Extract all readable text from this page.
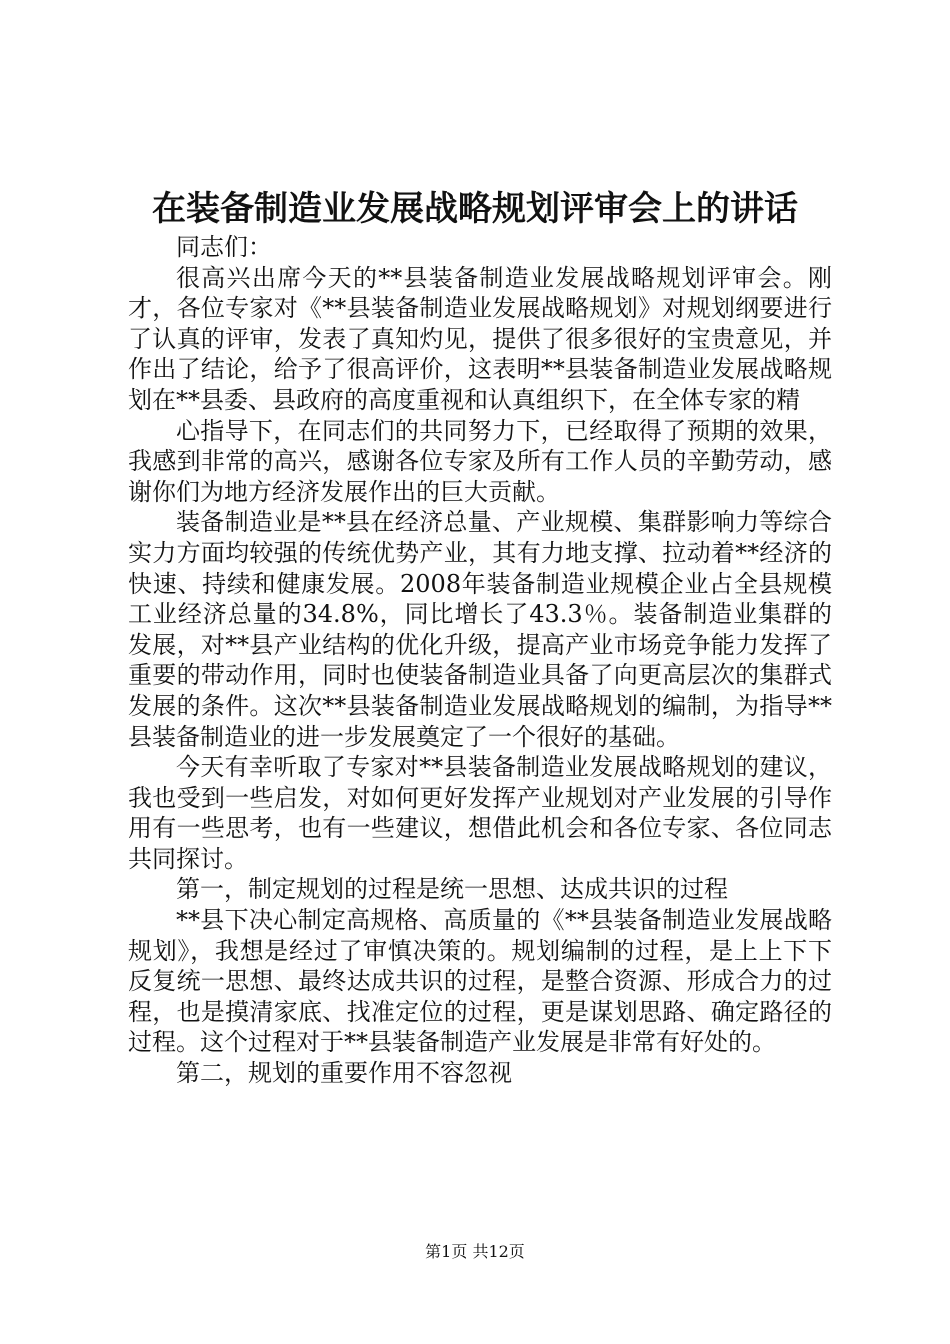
在装备制造业发展战略规划评审会上的讲话

同志们：

很高兴出席今天的**县装备制造业发展战略规划评审会。刚才，各位专家对《**县装备制造业发展战略规划》对规划纲要进行了认真的评审，发表了真知灼见，提供了很多很好的宝贵意见，并作出了结论，给予了很高评价，这表明**县装备制造业发展战略规划在**县委、县政府的高度重视和认真组织下，在全体专家的精

心指导下，在同志们的共同努力下，已经取得了预期的效果，我感到非常的高兴，感谢各位专家及所有工作人员的辛勤劳动，感谢你们为地方经济发展作出的巨大贡献。

装备制造业是**县在经济总量、产业规模、集群影响力等综合实力方面均较强的传统优势产业，其有力地支撑、拉动着**经济的快速、持续和健康发展。2008年装备制造业规模企业占全县规模工业经济总量的34.8%，同比增长了43.3％。装备制造业集群的发展，对**县产业结构的优化升级，提高产业市场竞争能力发挥了重要的带动作用，同时也使装备制造业具备了向更高层次的集群式发展的条件。这次**县装备制造业发展战略规划的编制，为指导**县装备制造业的进一步发展奠定了一个很好的基础。

今天有幸听取了专家对**县装备制造业发展战略规划的建议，我也受到一些启发，对如何更好发挥产业规划对产业发展的引导作用有一些思考，也有一些建议，想借此机会和各位专家、各位同志共同探讨。

第一，制定规划的过程是统一思想、达成共识的过程

**县下决心制定高规格、高质量的《**县装备制造业发展战略规划》，我想是经过了审慎决策的。规划编制的过程，是上上下下反复统一思想、最终达成共识的过程，是整合资源、形成合力的过程，也是摸清家底、找准定位的过程，更是谋划思路、确定路径的过程。这个过程对于**县装备制造产业发展是非常有好处的。

第二，规划的重要作用不容忽视

第1页 共12页
